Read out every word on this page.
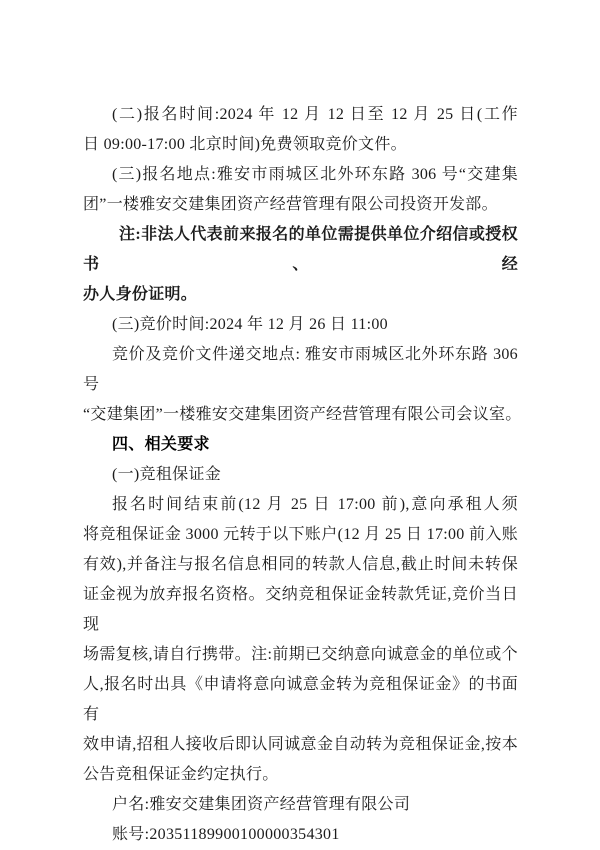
(二)报名时间:2024 年 12 月 12 日至 12 月 25 日(工作
日 09:00-17:00 北京时间)免费领取竞价文件。
(三)报名地点:雅安市雨城区北外环东路 306 号“交建集
团”一楼雅安交建集团资产经营管理有限公司投资开发部。
注:非法人代表前来报名的单位需提供单位介绍信或授权书、经
办人身份证明。
(三)竞价时间:2024 年 12 月 26 日 11:00
竞价及竞价文件递交地点: 雅安市雨城区北外环东路 306 号
“交建集团”一楼雅安交建集团资产经营管理有限公司会议室。
四、相关要求
(一)竞租保证金
报名时间结束前(12 月 25 日 17:00 前),意向承租人须
将竞租保证金 3000 元转于以下账户(12 月 25 日 17:00 前入账
有效),并备注与报名信息相同的转款人信息,截止时间未转保
证金视为放弃报名资格。交纳竞租保证金转款凭证,竞价当日现
场需复核,请自行携带。注:前期已交纳意向诚意金的单位或个
人,报名时出具《申请将意向诚意金转为竞租保证金》的书面有
效申请,招租人接收后即认同诚意金自动转为竞租保证金,按本
公告竞租保证金约定执行。
户名:雅安交建集团资产经营管理有限公司
账号:20351189900100000354301
